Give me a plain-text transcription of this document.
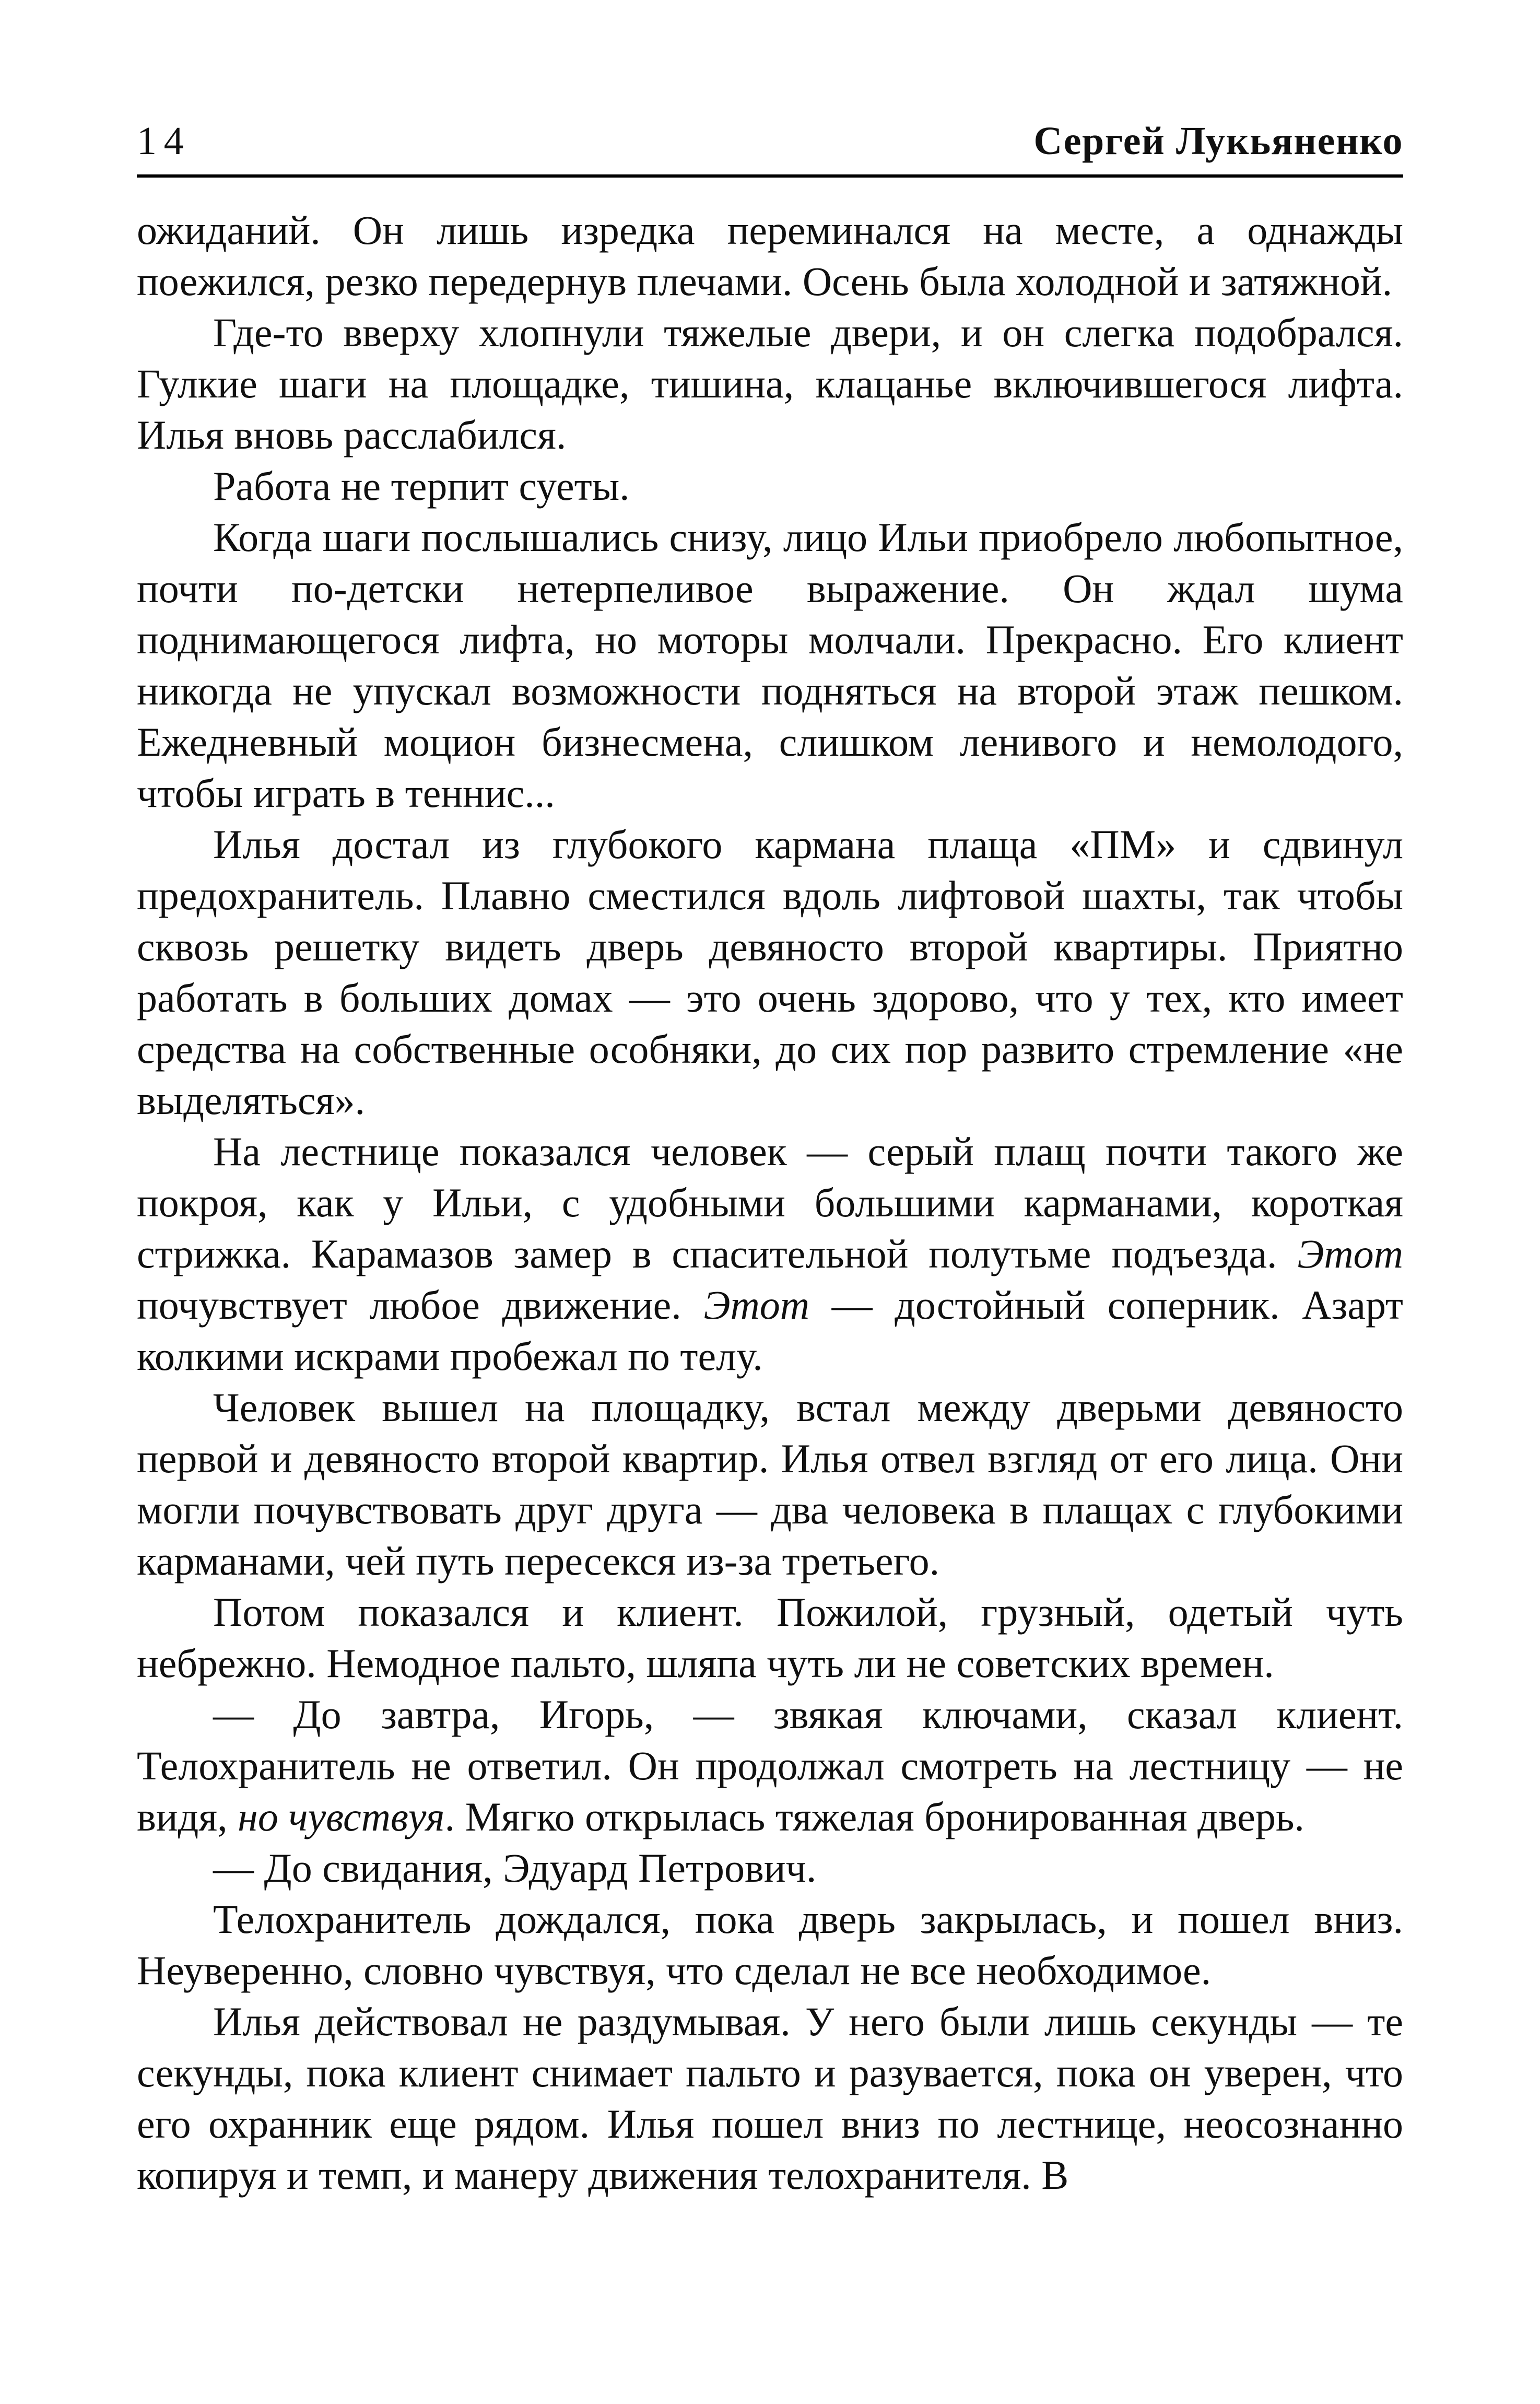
14	Сергей Лукьяненко

ожиданий. Он лишь изредка переминался на месте, а однажды поежился, резко передернув плечами. Осень была холодной и затяжной.

Где-то вверху хлопнули тяжелые двери, и он слегка подобрался. Гулкие шаги на площадке, тишина, клацанье включившегося лифта. Илья вновь расслабился.

Работа не терпит суеты.

Когда шаги послышались снизу, лицо Ильи приобрело любопытное, почти по-детски нетерпеливое выражение. Он ждал шума поднимающегося лифта, но моторы молчали. Прекрасно. Его клиент никогда не упускал возможности подняться на второй этаж пешком. Ежедневный моцион бизнесмена, слишком ленивого и немолодого, чтобы играть в теннис...

Илья достал из глубокого кармана плаща «ПМ» и сдвинул предохранитель. Плавно сместился вдоль лифтовой шахты, так чтобы сквозь решетку видеть дверь девяносто второй квартиры. Приятно работать в больших домах — это очень здорово, что у тех, кто имеет средства на собственные особняки, до сих пор развито стремление «не выделяться».

На лестнице показался человек — серый плащ почти такого же покроя, как у Ильи, с удобными большими карманами, короткая стрижка. Карамазов замер в спасительной полутьме подъезда. Этот почувствует любое движение. Этот — достойный соперник. Азарт колкими искрами пробежал по телу.

Человек вышел на площадку, встал между дверьми девяносто первой и девяносто второй квартир. Илья отвел взгляд от его лица. Они могли почувствовать друг друга — два человека в плащах с глубокими карманами, чей путь пересекся из-за третьего.

Потом показался и клиент. Пожилой, грузный, одетый чуть небрежно. Немодное пальто, шляпа чуть ли не советских времен.

— До завтра, Игорь, — звякая ключами, сказал клиент. Телохранитель не ответил. Он продолжал смотреть на лестницу — не видя, но чувствуя. Мягко открылась тяжелая бронированная дверь.

— До свидания, Эдуард Петрович.

Телохранитель дождался, пока дверь закрылась, и пошел вниз. Неуверенно, словно чувствуя, что сделал не все необходимое.

Илья действовал не раздумывая. У него были лишь секунды — те секунды, пока клиент снимает пальто и разувается, пока он уверен, что его охранник еще рядом. Илья пошел вниз по лестнице, неосознанно копируя и темп, и манеру движения телохранителя. В
